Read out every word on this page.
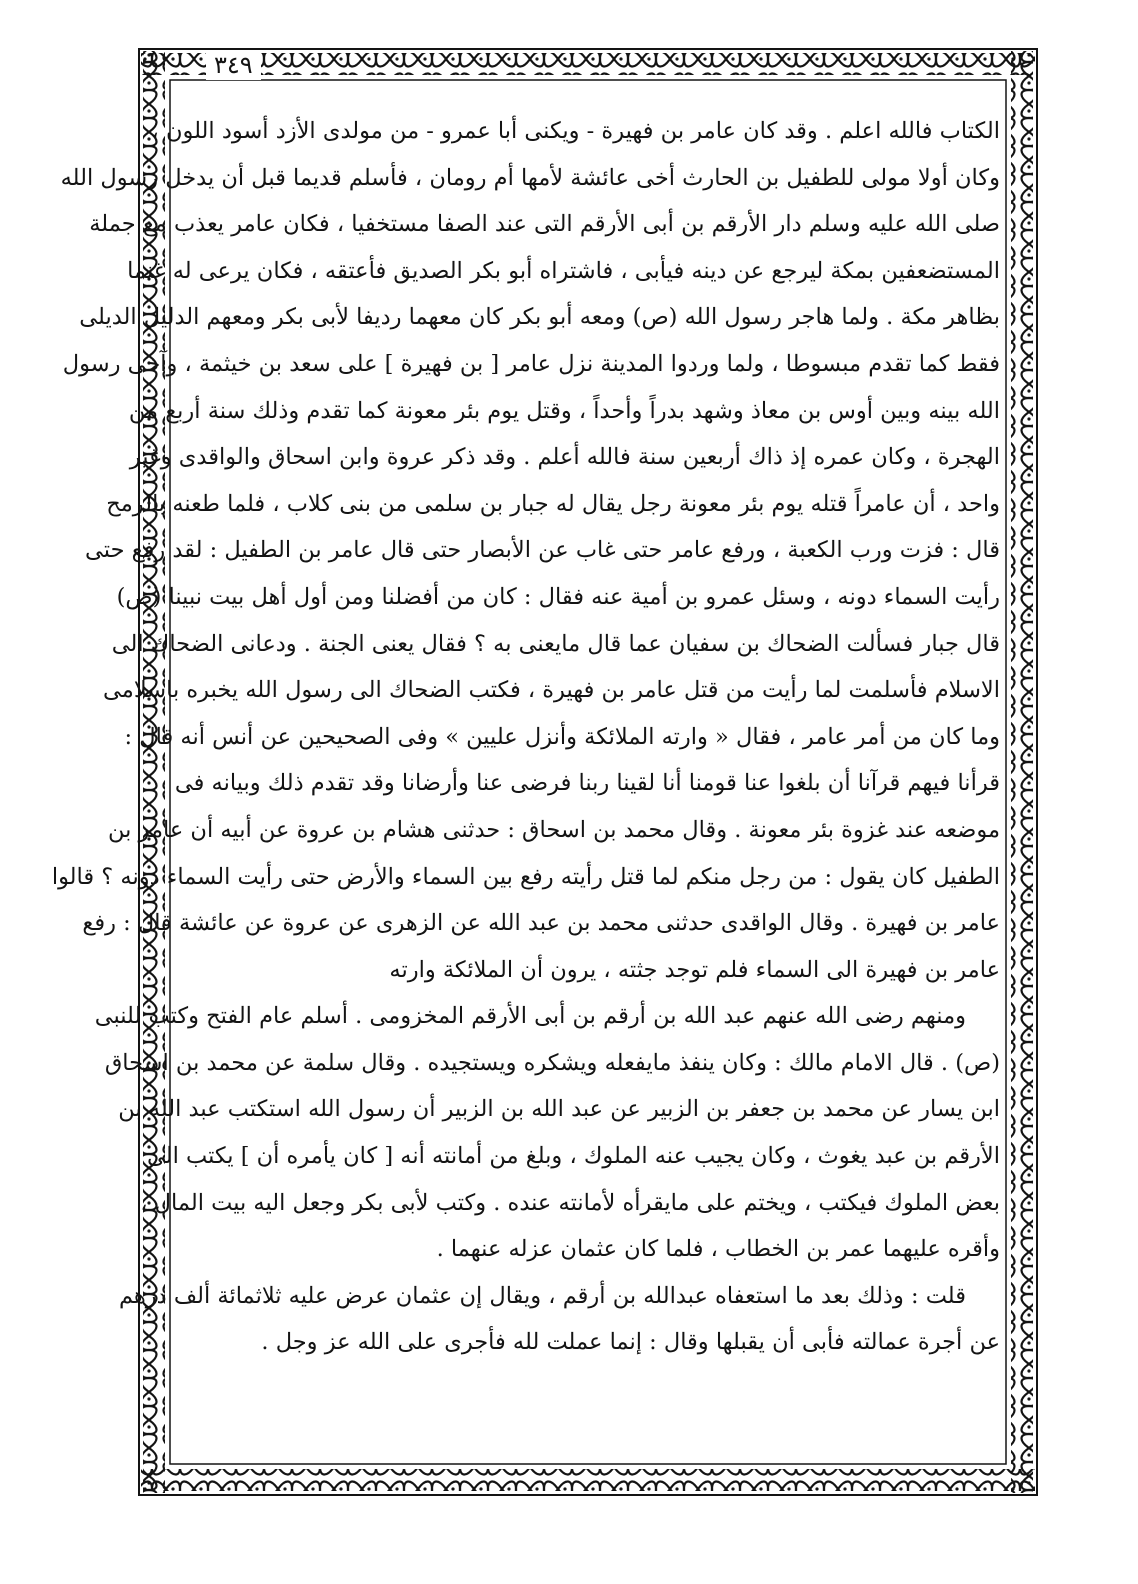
٣٤٩
الكتاب فالله اعلم . وقد كان عامر بن فهيرة - ويكنى أبا عمرو - من مولدى الأزد أسود اللون ،
وكان أولا مولى للطفيل بن الحارث أخى عائشة لأمها أم رومان ، فأسلم قديما قبل أن يدخل رسول الله
صلى الله عليه وسلم دار الأرقم بن أبى الأرقم التى عند الصفا مستخفيا ، فكان عامر يعذب مع جملة
المستضعفين بمكة ليرجع عن دينه فيأبى ، فاشتراه أبو بكر الصديق فأعتقه ، فكان يرعى له غنما
بظاهر مكة . ولما هاجر رسول الله (ص) ومعه أبو بكر كان معهما رديفا لأبى بكر ومعهم الدليل الديلى
فقط كما تقدم مبسوطا ، ولما وردوا المدينة نزل عامر [ بن فهيرة ] على سعد بن خيثمة ، وآخى رسول
الله بينه وبين أوس بن معاذ وشهد بدراً وأحداً ، وقتل يوم بئر معونة كما تقدم وذلك سنة أربع من
الهجرة ، وكان عمره إذ ذاك أربعين سنة فالله أعلم . وقد ذكر عروة وابن اسحاق والواقدى وغير
واحد ، أن عامراً قتله يوم بئر معونة رجل يقال له جبار بن سلمى من بنى كلاب ، فلما طعنه بالرمح
قال : فزت ورب الكعبة ، ورفع عامر حتى غاب عن الأبصار حتى قال عامر بن الطفيل : لقد رفع حتى
رأيت السماء دونه ، وسئل عمرو بن أمية عنه فقال : كان من أفضلنا ومن أول أهل بيت نبينا (ص)
قال جبار فسألت الضحاك بن سفيان عما قال مايعنى به ؟ فقال يعنى الجنة . ودعانى الضحاك الى
الاسلام فأسلمت لما رأيت من قتل عامر بن فهيرة ، فكتب الضحاك الى رسول الله يخبره باسلامى
وما كان من أمر عامر ، فقال « وارته الملائكة وأنزل عليين » وفى الصحيحين عن أنس أنه قال :
قرأنا فيهم قرآنا أن بلغوا عنا قومنا أنا لقينا ربنا فرضى عنا وأرضانا وقد تقدم ذلك وبيانه فى
موضعه عند غزوة بئر معونة . وقال محمد بن اسحاق : حدثنى هشام بن عروة عن أبيه أن عامر بن
الطفيل كان يقول : من رجل منكم لما قتل رأيته رفع بين السماء والأرض حتى رأيت السماء دونه ؟ قالوا
عامر بن فهيرة . وقال الواقدى حدثنى محمد بن عبد الله عن الزهرى عن عروة عن عائشة قال : رفع
عامر بن فهيرة الى السماء فلم توجد جثته ، يرون أن الملائكة وارته
ومنهم رضى الله عنهم عبد الله بن أرقم بن أبى الأرقم المخزومى . أسلم عام الفتح وكتب للنبى
(ص) . قال الامام مالك : وكان ينفذ مايفعله ويشكره ويستجيده . وقال سلمة عن محمد بن اسحاق
ابن يسار عن محمد بن جعفر بن الزبير عن عبد الله بن الزبير أن رسول الله استكتب عبد الله بن
الأرقم بن عبد يغوث ، وكان يجيب عنه الملوك ، وبلغ من أمانته أنه [ كان يأمره أن ] يكتب الى
بعض الملوك فيكتب ، ويختم على مايقرأه لأمانته عنده . وكتب لأبى بكر وجعل اليه بيت المال ،
وأقره عليهما عمر بن الخطاب ، فلما كان عثمان عزله عنهما .
قلت : وذلك بعد ما استعفاه عبدالله بن أرقم ، ويقال إن عثمان عرض عليه ثلاثمائة ألف درهم
عن أجرة عمالته فأبى أن يقبلها وقال : إنما عملت لله فأجرى على الله عز وجل .
